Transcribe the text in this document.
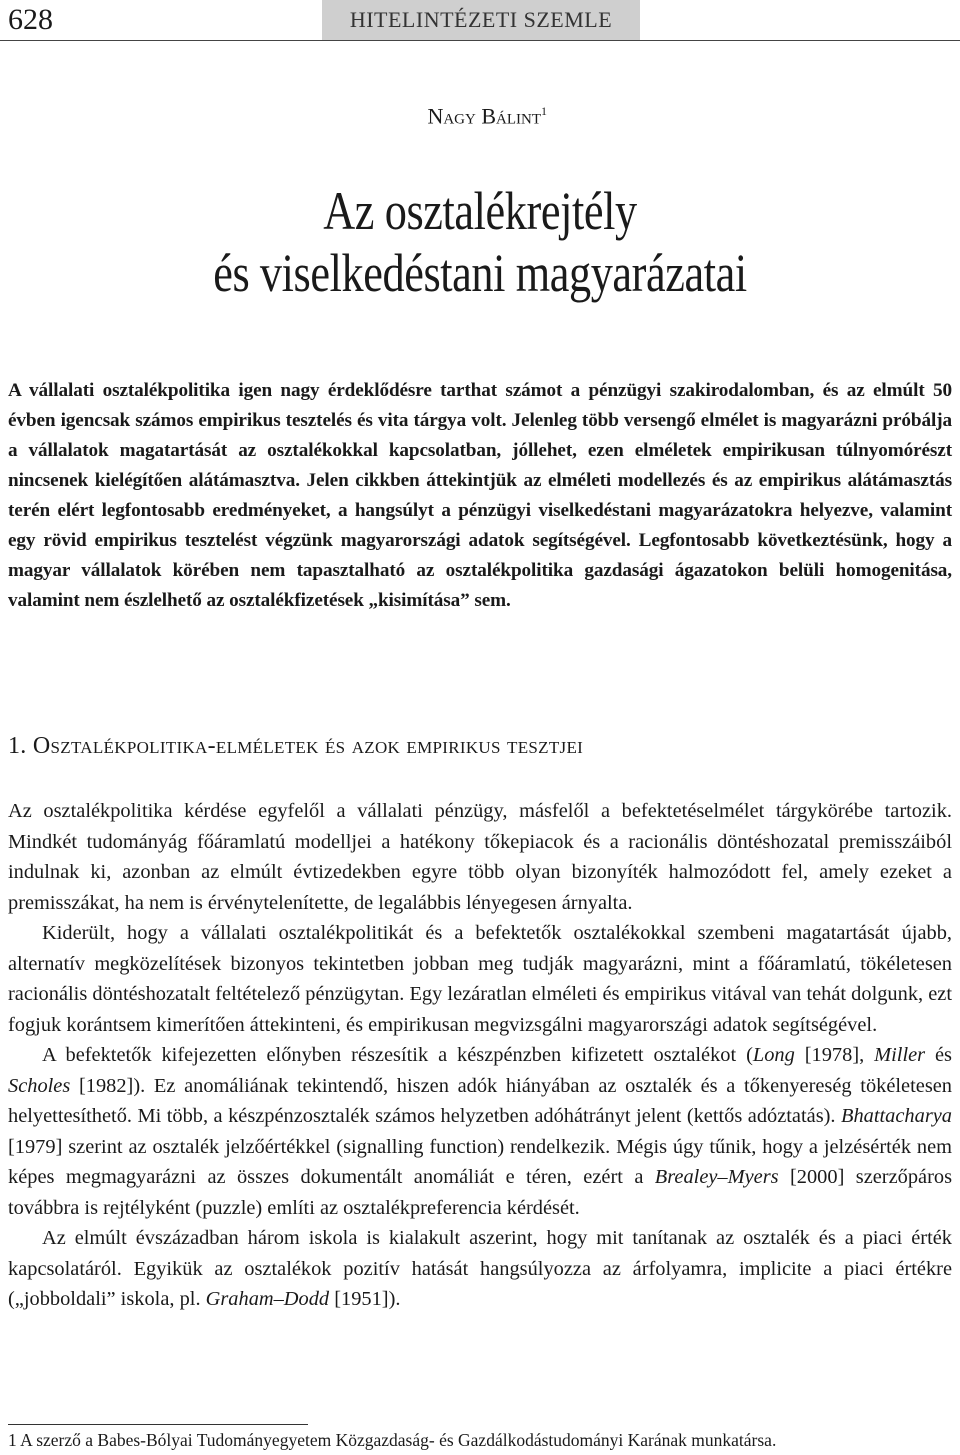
628	HITELINTÉZETI SZEMLE
Nagy Bálint$^1$
Az osztalékrejtély
és viselkedéstani magyarázatai
A vállalati osztalékpolitika igen nagy érdeklődésre tarthat számot a pénzügyi szakirodalomban, és az elmúlt 50 évben igencsak számos empirikus tesztelés és vita tárgya volt. Jelenleg több versengő elmélet is magyarázni próbálja a vállalatok magatartását az osztalékokkal kapcsolatban, jóllehet, ezen elméletek empirikusan túlnyomórészt nincsenek kielégítően alátámasztva. Jelen cikkben áttekintjük az elméleti modellezés és az empirikus alátámasztás terén elért legfontosabb eredményeket, a hangsúlyt a pénzügyi viselkedéstani magyarázatokra helyezve, valamint egy rövid empirikus tesztelést végzünk magyarországi adatok segítségével. Legfontosabb következtésünk, hogy a magyar vállalatok körében nem tapasztalható az osztalékpolitika gazdasági ágazatokon belüli homogenitása, valamint nem észlelhető az osztalékfizetések „kisimítása” sem.
1. Osztalékpolitika-elméletek és azok empirikus tesztjei

Az osztalékpolitika kérdése egyfelől a vállalati pénzügy, másfelől a befektetéselmélet tárgykörébe tartozik. Mindkét tudományág főáramlatú modelljei a hatékony tőkepiacok és a racionális döntéshozatal premisszáiból indulnak ki, azonban az elmúlt évtizedekben egyre több olyan bizonyíték halmozódott fel, amely ezeket a premisszákat, ha nem is érvénytelenítette, de legalábbis lényegesen árnyalta.

Kiderült, hogy a vállalati osztalékpolitikát és a befektetők osztalékokkal szembeni magatartását újabb, alternatív megközelítések bizonyos tekintetben jobban meg tudják magyarázni, mint a főáramlatú, tökéletesen racionális döntéshozatalt feltételező pénzügytan. Egy lezáratlan elméleti és empirikus vitával van tehát dolgunk, ezt fogjuk korántsem kimerítően áttekinteni, és empirikusan megvizsgálni magyarországi adatok segítségével.

A befektetők kifejezetten előnyben részesítik a készpénzben kifizetett osztalékot (Long [1978], Miller és Scholes [1982]). Ez anomáliának tekintendő, hiszen adók hiányában az osztalék és a tőkenyereség tökéletesen helyettesíthető. Mi több, a készpénzosztalék számos helyzetben adóhátrányt jelent (kettős adóztatás). Bhattacharya [1979] szerint az osztalék jelzőértékkel (signalling function) rendelkezik. Mégis úgy tűnik, hogy a jelzésérték nem képes megmagyarázni az összes dokumentált anomáliát e téren, ezért a Brealey–Myers [2000] szerzőpáros továbbra is rejtélyként (puzzle) említi az osztalékpreferencia kérdését.

Az elmúlt évszázadban három iskola is kialakult aszerint, hogy mit tanítanak az osztalék és a piaci érték kapcsolatáról. Egyikük az osztalékok pozitív hatását hangsúlyozza az árfolyamra, implicite a piaci értékre („jobboldali” iskola, pl. Graham–Dodd [1951]).

1 A szerző a Babes-Bólyai Tudományegyetem Közgazdaság- és Gazdálkodástudományi Karának munkatársa.
